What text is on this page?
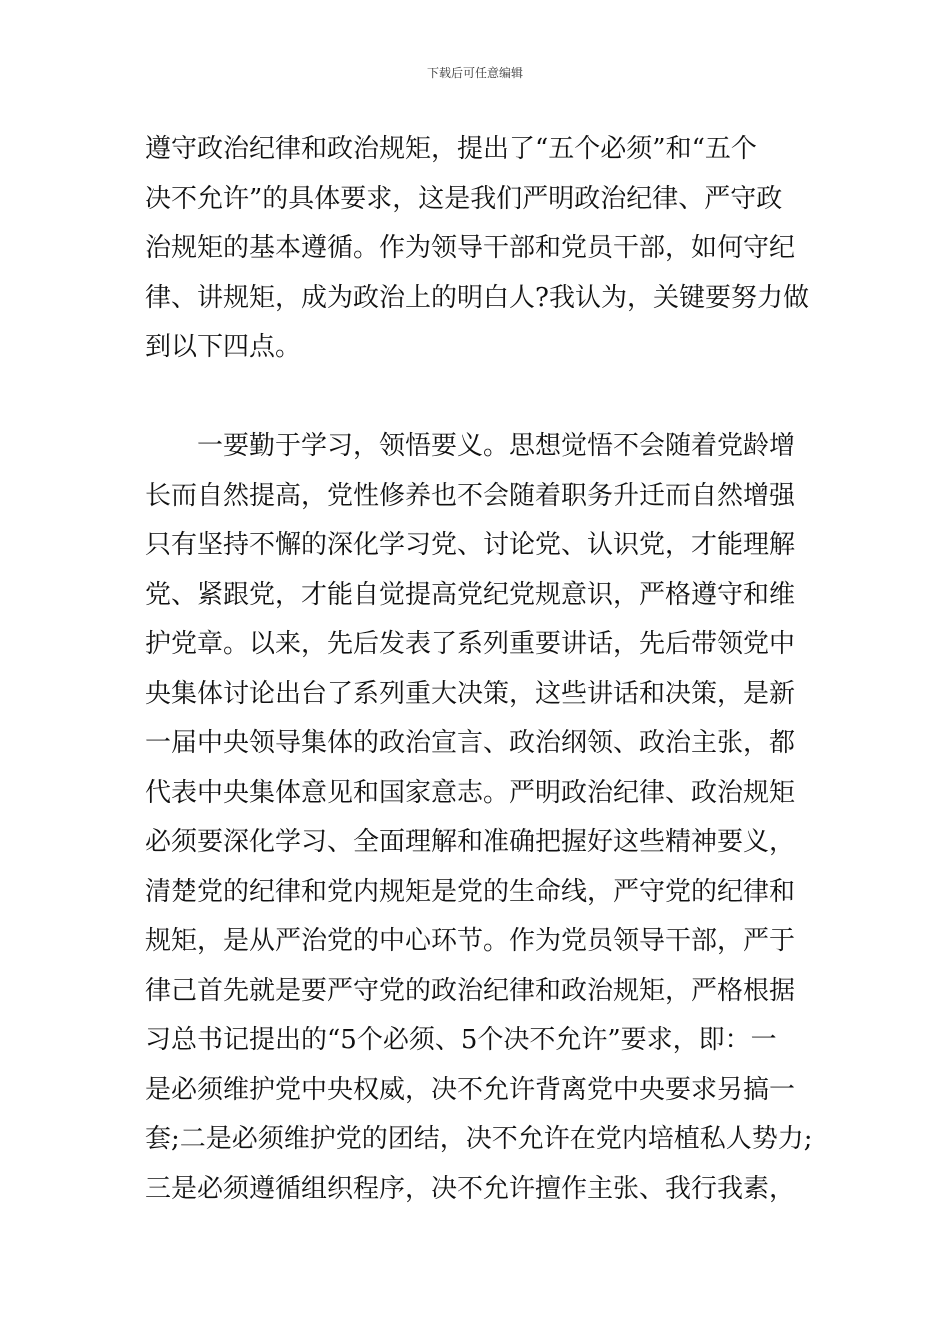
下载后可任意编辑
遵守政治纪律和政治规矩，提出了“五个必须”和“五个
决不允许”的具体要求，这是我们严明政治纪律、严守政
治规矩的基本遵循。作为领导干部和党员干部，如何守纪
律、讲规矩，成为政治上的明白人?我认为，关键要努力做
到以下四点。
　　一要勤于学习，领悟要义。思想觉悟不会随着党龄增
长而自然提高，党性修养也不会随着职务升迁而自然增强
只有坚持不懈的深化学习党、讨论党、认识党，才能理解
党、紧跟党，才能自觉提高党纪党规意识，严格遵守和维
护党章。以来，先后发表了系列重要讲话，先后带领党中
央集体讨论出台了系列重大决策，这些讲话和决策，是新
一届中央领导集体的政治宣言、政治纲领、政治主张，都
代表中央集体意见和国家意志。严明政治纪律、政治规矩
必须要深化学习、全面理解和准确把握好这些精神要义，
清楚党的纪律和党内规矩是党的生命线，严守党的纪律和
规矩，是从严治党的中心环节。作为党员领导干部，严于
律己首先就是要严守党的政治纪律和政治规矩，严格根据
习总书记提出的“5个必须、5个决不允许”要求，即：一
是必须维护党中央权威，决不允许背离党中央要求另搞一
套;二是必须维护党的团结，决不允许在党内培植私人势力;
三是必须遵循组织程序，决不允许擅作主张、我行我素，
